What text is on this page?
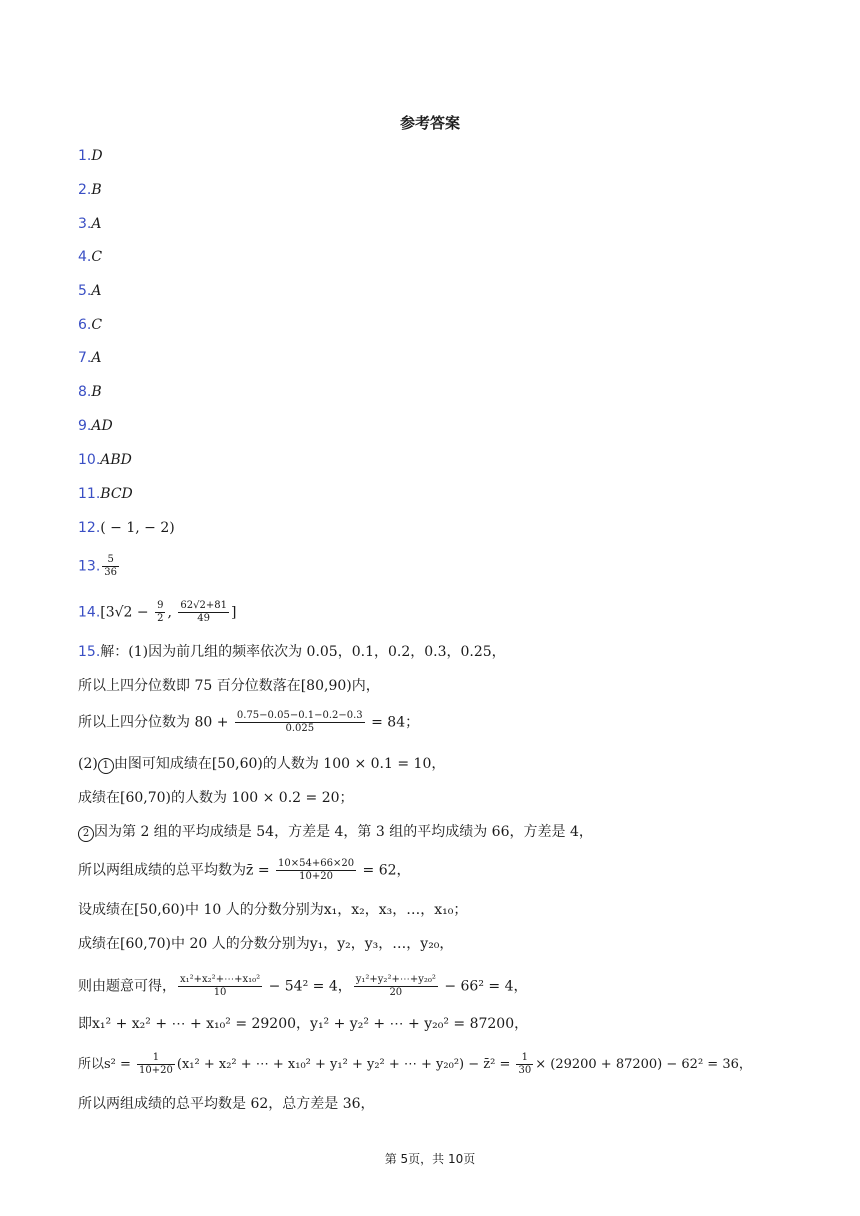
参考答案
1.D
2.B
3.A
4.C
5.A
6.C
7.A
8.B
9.AD
10.ABD
11.BCD
12.( − 1, − 2)
13. $\frac{5}{36}$
$14.[3√2 - \frac{9}{2}$ , $\frac{62√2+81}{49}$ ]
15.解：(1)因为前几组的频率依次为 0.05，0.1，0.2，0.3，0.25，
所以上四分位数即 75 百分位数落在[80,90)内，
所以上四分位数为 $80 + \frac{0.75-0.05-0.1-0.2-0.3}{0.025} = 84$；
(2) 1 由图可知成绩在[50,60)的人数为 100 × 0.1 = 10，
成绩在[60,70)的人数为 100 × 0.2 = 20；
2 因为第 2 组的平均成绩是 54，方差是 4，第 3 组的平均成绩为 66，方差是 4，
所以两组成绩的总平均数为z̄ = $\frac{10\times 54+66\times 20}{10+20} = 62$，
设成绩在[50,60)中 10 人的分数分别为x₁，x₂，x₃，…，x₁₀；
成绩在[60,70)中 20 人的分数分别为y₁，y₂，y₃，…，y₂₀，
则由题意可得， $\frac{\text{x₁²+x₂²+⋯+x₁₀²}}{10} - 54^2 = 4$， $\frac{\text{y₁²+y₂²+⋯+y₂₀²}}{20} - 66^2 = 4$，
即x₁² + x₂² + ⋯ + x₁₀² = 29200，y₁² + y₂² + ⋯ + y₂₀² = 87200，
所以$s^2 = \frac{1}{10+20} (x_1^2 + x_2^2$ + ⋯ + x₁₀² + y₁² + y₂² + ⋯ + y₂₀²) − z̄² = $\frac{1}{30} \times (29200 + 87200) - 62^2 = 36$，
所以两组成绩的总平均数是 62，总方差是 36，
第 5页，共 10页
